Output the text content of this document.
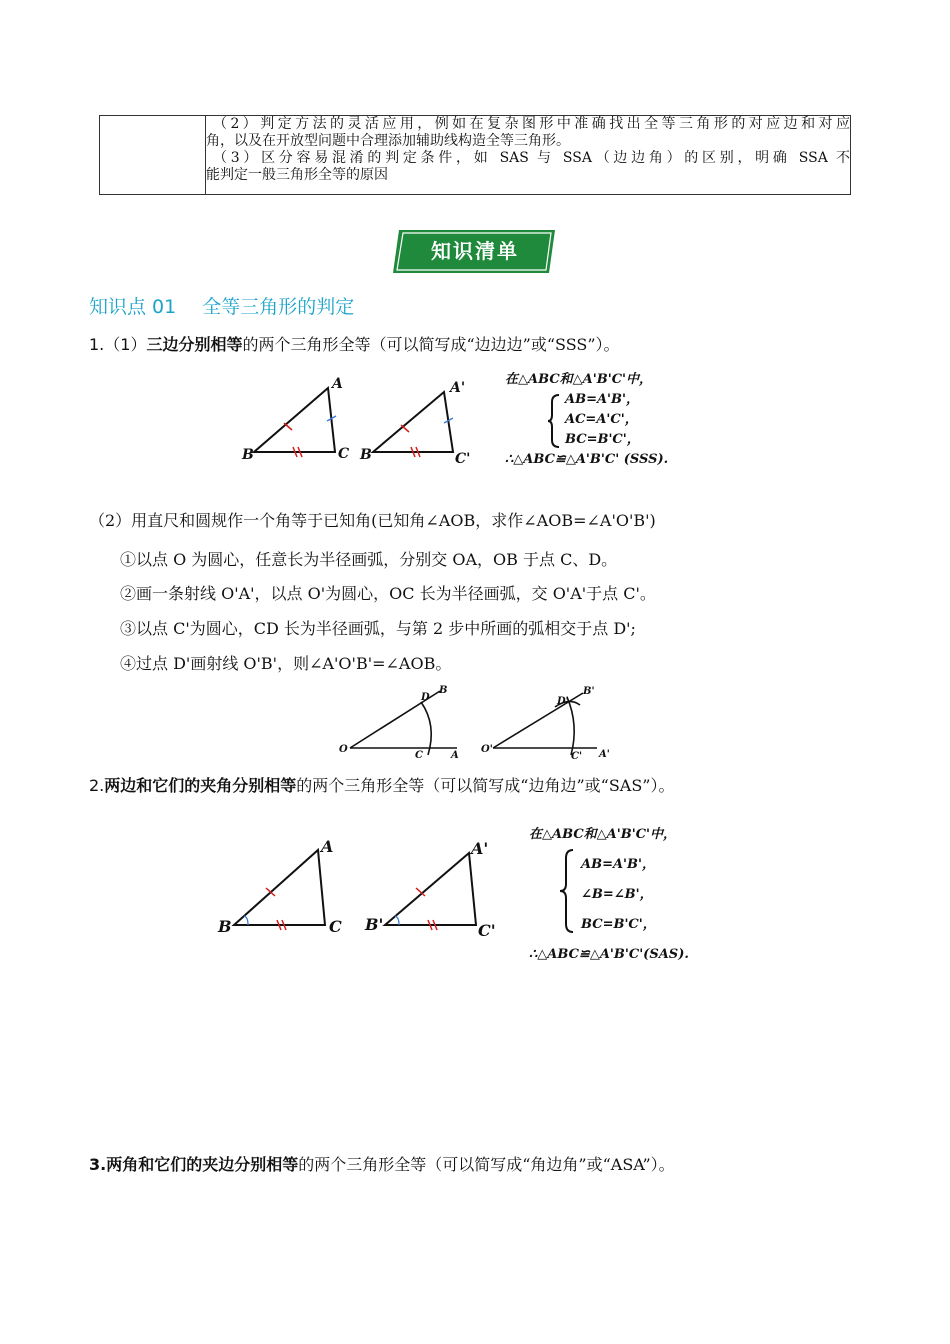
（2）判定方法的灵活应用，例如在复杂图形中准确找出全等三角形的对应边和对应
角，以及在开放型问题中合理添加辅助线构造全等三角形。
（3）区分容易混淆的判定条件，如 SAS 与 SSA（边边角）的区别，明确 SSA 不
能判定一般三角形全等的原因
知识清单
知识点 01 全等三角形的判定
1.（1）三边分别相等的两个三角形全等（可以简写成“边边边”或“SSS”）。
A
B	C
A'
B	C'
在△ABC和△A'B'C'中，
AB=A'B'，
AC=A'C'，
BC=B'C'，
∴△ABC≌△A'B'C' (SSS).
（2）用直尺和圆规作一个角等于已知角(已知角∠AOB，求作∠AOB=∠A'O'B')
①以点 O 为圆心，任意长为半径画弧，分别交 OA，OB 于点 C、D。
②画一条射线 O'A'，以点 O'为圆心，OC 长为半径画弧，交 O'A'于点 C'。
③以点 C'为圆心，CD 长为半径画弧，与第 2 步中所画的弧相交于点 D';
④过点 D'画射线 O'B'，则∠A'O'B'=∠AOB。
O
A
B
C
D
O'	A'
B'
C'
D'
2.两边和它们的夹角分别相等的两个三角形全等（可以简写成“边角边”或“SAS”）。
A
B	C
A'
B'	C'
在△ABC和△A'B'C'中，
AB=A'B'，
∠B=∠B'，
BC=B'C'，
∴△ABC≌△A'B'C'(SAS).
3.两角和它们的夹边分别相等的两个三角形全等（可以简写成“角边角”或“ASA”）。
